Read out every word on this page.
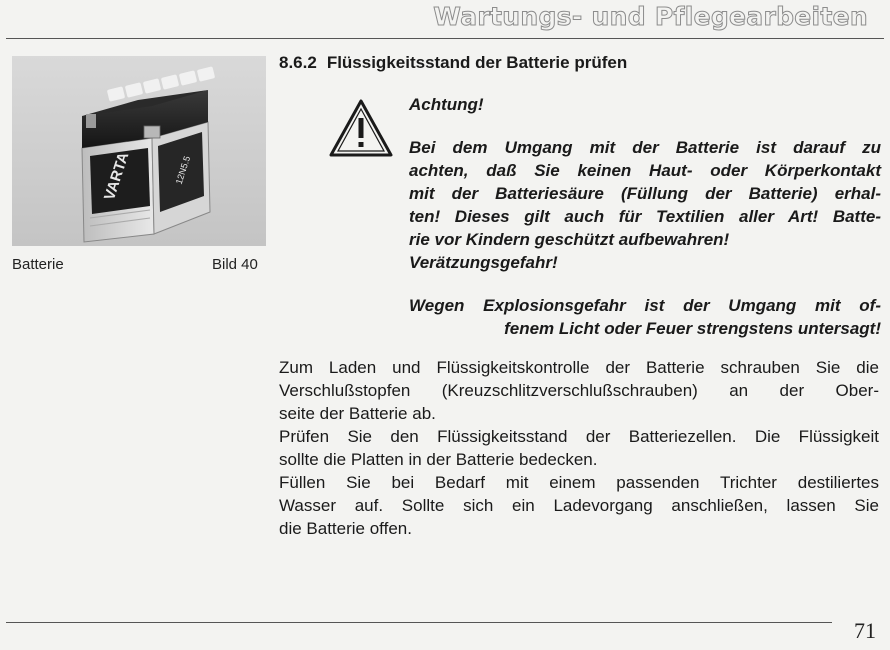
Wartungs- und Pflegearbeiten
VARTA	12N5.5
Batterie	Bild 40
8.6.2 Flüssigkeitsstand der Batterie prüfen
Achtung!

Bei dem Umgang mit der Batterie ist darauf zu
achten, daß Sie keinen Haut- oder Körperkontakt
mit der Batteriesäure (Füllung der Batterie) erhal-
ten! Dieses gilt auch für Textilien aller Art! Batte-
rie vor Kindern geschützt aufbewahren!
Verätzungsgefahr!

Wegen Explosionsgefahr ist der Umgang mit of-
fenem Licht oder Feuer strengstens untersagt!

Zum Laden und Flüssigkeitskontrolle der Batterie schrauben Sie die
Verschlußstopfen (Kreuzschlitzverschlußschrauben) an der Ober-
seite der Batterie ab.

Prüfen Sie den Flüssigkeitsstand der Batteriezellen. Die Flüssigkeit
sollte die Platten in der Batterie bedecken.

Füllen Sie bei Bedarf mit einem passenden Trichter destiliertes
Wasser auf. Sollte sich ein Ladevorgang anschließen, lassen Sie
die Batterie offen.

71
